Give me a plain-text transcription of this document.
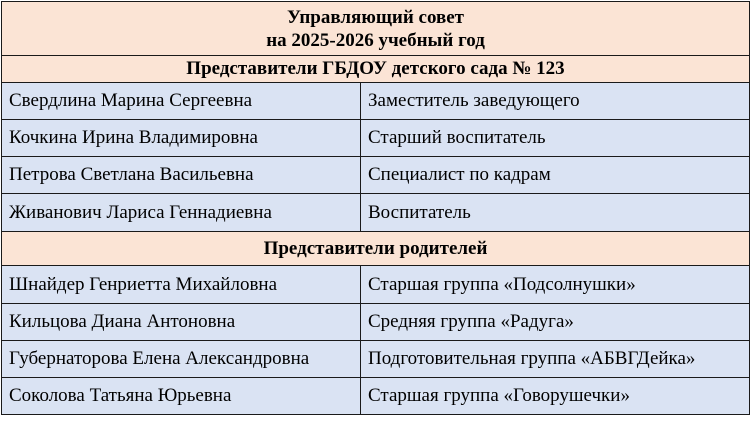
Управляющий совет
на 2025-2026 учебный год	

Представители ГБДОУ детского сада № 123	

Свердлина Марина Сергеевна	Заместитель заведующего
Кочкина Ирина Владимировна	Старший воспитатель
Петрова Светлана Васильевна	Специалист по кадрам
Живанович Лариса Геннадиевна	Воспитатель

Представители родителей	

Шнайдер Генриетта Михайловна	Старшая группа «Подсолнушки»
Кильцова Диана Антоновна	Средняя группа «Радуга»
Губернаторова Елена Александровна	Подготовительная группа «АБВГДейка»
Соколова Татьяна Юрьевна	Старшая группа «Говорушечки»
